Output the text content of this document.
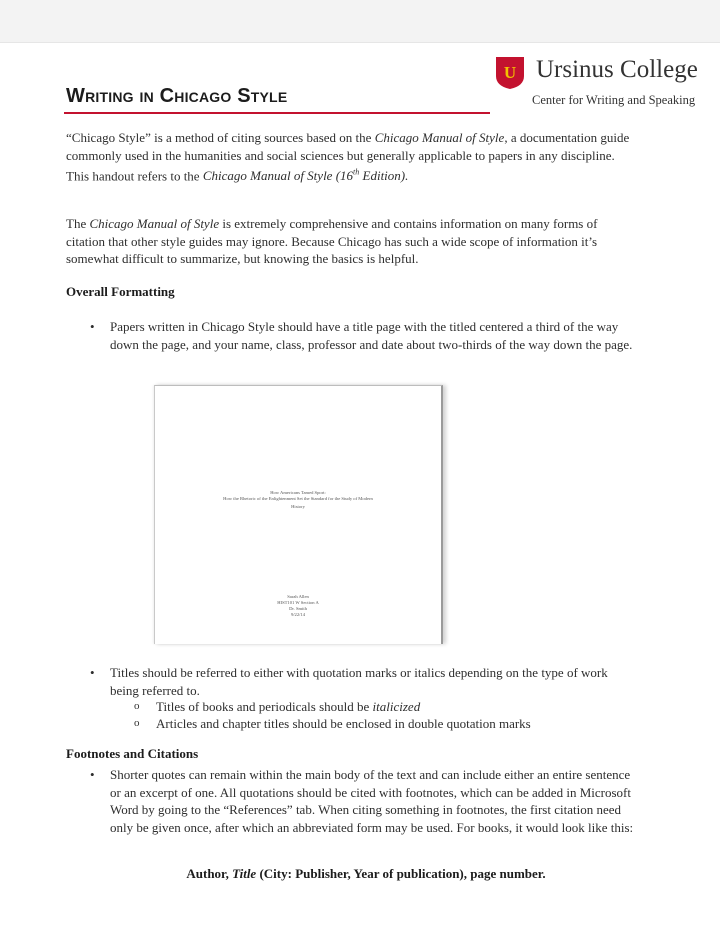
Writing in Chicago Style
U Ursinus College
Center for Writing and Speaking

“Chicago Style” is a method of citing sources based on the Chicago Manual of Style, a documentation guide commonly used in the humanities and social sciences but generally applicable to papers in any discipline. This handout refers to the Chicago Manual of Style (16th Edition).

The Chicago Manual of Style is extremely comprehensive and contains information on many forms of citation that other style guides may ignore. Because Chicago has such a wide scope of information it’s somewhat difficult to summarize, but knowing the basics is helpful.

Overall Formatting

• Papers written in Chicago Style should have a title page with the titled centered a third of the way down the page, and your name, class, professor and date about two-thirds of the way down the page.

How Americans Tamed Sport:

How the Rhetoric of the Enlightenment Set the Standard for the Study of Modern

History

Sarah Allen

HIST101 W Section A

Dr. Smith

9/22/14

• Titles should be referred to either with quotation marks or italics depending on the type of work being referred to.

o Titles of books and periodicals should be italicized

o Articles and chapter titles should be enclosed in double quotation marks

Footnotes and Citations

• Shorter quotes can remain within the main body of the text and can include either an entire sentence or an excerpt of one. All quotations should be cited with footnotes, which can be added in Microsoft Word by going to the “References” tab. When citing something in footnotes, the first citation need only be given once, after which an abbreviated form may be used. For books, it would look like this:

Author, Title (City: Publisher, Year of publication), page number.
